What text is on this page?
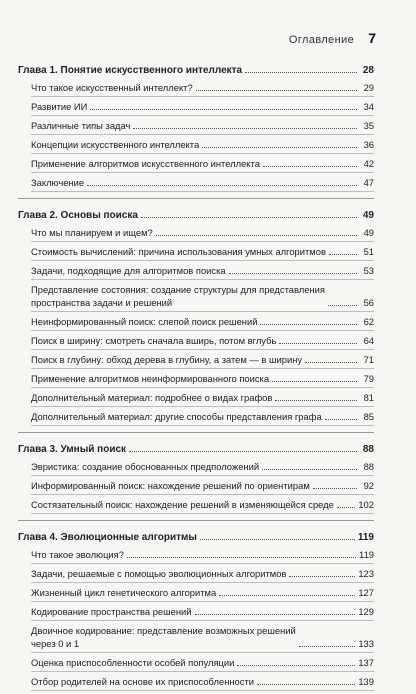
Оглавление 7
Глава 1. Понятие искусственного интеллекта	28
Что такое искусственный интеллект?	29
Развитие ИИ	34
Различные типы задач	35
Концепции искусственного интеллекта	36
Применение алгоритмов искусственного интеллекта	42
Заключение	47
Глава 2. Основы поиска	49
Что мы планируем и ищем?	49
Стоимость вычислений: причина использования умных алгоритмов	51
Задачи, подходящие для алгоритмов поиска	53
Представление состояния: создание структуры для представления
пространства задачи и решений	56
Неинформированный поиск: слепой поиск решений	62
Поиск в ширину: смотреть сначала вширь, потом вглубь	64
Поиск в глубину: обход дерева в глубину, а затем — в ширину	71
Применение алгоритмов неинформированного поиска	79
Дополнительный материал: подробнее о видах графов	81
Дополнительный материал: другие способы представления графа	85
Глава 3. Умный поиск	88
Эвристика: создание обоснованных предположений	88
Информированный поиск: нахождение решений по ориентирам	92
Состязательный поиск: нахождение решений в изменяющейся среде	102
Глава 4. Эволюционные алгоритмы	119
Что такое эволюция?	119
Задачи, решаемые с помощью эволюционных алгоритмов	123
Жизненный цикл генетического алгоритма	127
Кодирование пространства решений	129
Двоичное кодирование: представление возможных решений
через 0 и 1	133
Оценка приспособленности особей популяции	137
Отбор родителей на основе их приспособленности	139
